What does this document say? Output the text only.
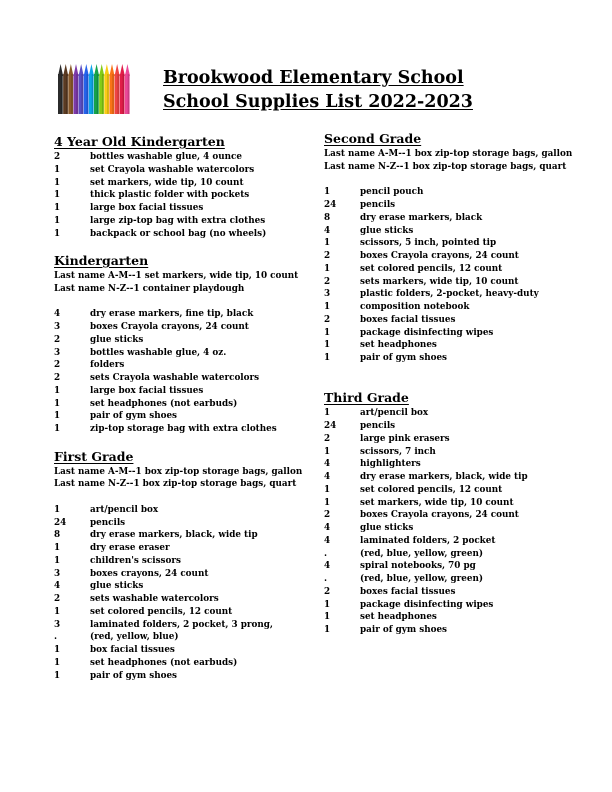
Brookwood Elementary School
School Supplies List 2022-2023
4 Year Old Kindergarten
2	bottles washable glue, 4 ounce
1	set Crayola washable watercolors
1	set markers, wide tip, 10 count
1	thick plastic folder with pockets
1	large box facial tissues
1	large zip-top bag with extra clothes
1	backpack or school bag (no wheels)
Kindergarten
Last name A-M--1 set markers, wide tip, 10 count
Last name N-Z--1 container playdough
4	dry erase markers, fine tip, black
3	boxes Crayola crayons, 24 count
2	glue sticks
3	bottles washable glue, 4 oz.
2	folders
2	sets Crayola washable watercolors
1	large box facial tissues
1	set headphones (not earbuds)
1	pair of gym shoes
1	zip-top storage bag with extra clothes
First Grade
Last name A-M--1 box zip-top storage bags, gallon
Last name N-Z--1 box zip-top storage bags, quart
1	art/pencil box
24	pencils
8	dry erase markers, black, wide tip
1	dry erase eraser
1	children's scissors
3	boxes crayons, 24 count
4	glue sticks
2	sets washable watercolors
1	set colored pencils, 12 count
3	laminated folders, 2 pocket, 3 prong,
.	(red, yellow, blue)
1	box facial tissues
1	set headphones (not earbuds)
1	pair of gym shoes
Second Grade
Last name A-M--1 box zip-top storage bags, gallon
Last name N-Z--1 box zip-top storage bags, quart
1	pencil pouch
24	pencils
8	dry erase markers, black
4	glue sticks
1	scissors, 5 inch, pointed tip
2	boxes Crayola crayons, 24 count
1	set colored pencils, 12 count
2	sets markers, wide tip, 10 count
3	plastic folders, 2-pocket, heavy-duty
1	composition notebook
2	boxes facial tissues
1	package disinfecting wipes
1	set headphones
1	pair of gym shoes
Third Grade
1	art/pencil box
24	pencils
2	large pink erasers
1	scissors, 7 inch
4	highlighters
4	dry erase markers, black, wide tip
1	set colored pencils, 12 count
1	set markers, wide tip, 10 count
2	boxes Crayola crayons, 24 count
4	glue sticks
4	laminated folders, 2 pocket
.	(red, blue, yellow, green)
4	spiral notebooks, 70 pg
.	(red, blue, yellow, green)
2	boxes facial tissues
1	package disinfecting wipes
1	set headphones
1	pair of gym shoes
